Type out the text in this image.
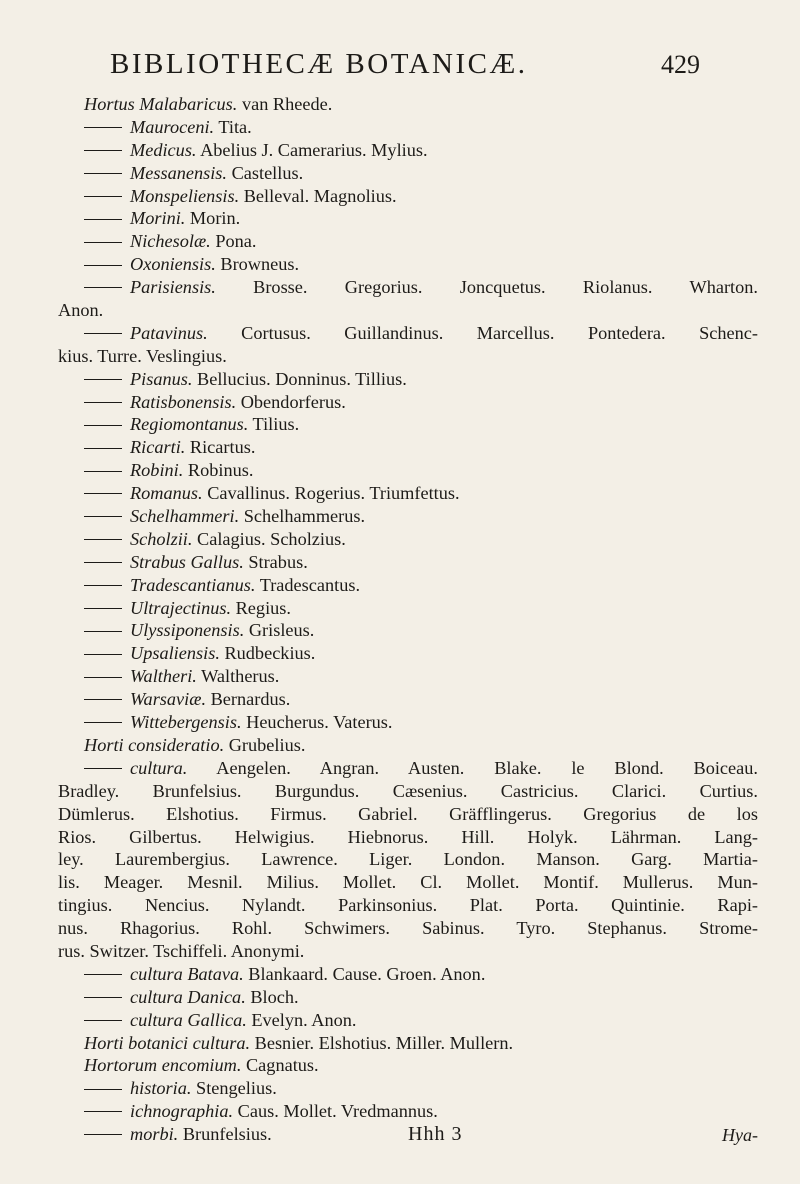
BIBLIOTHECÆ BOTANICÆ.	429
Hortus Malabaricus. van Rheede.
Mauroceni. Tita.
Medicus. Abelius J. Camerarius. Mylius.
Messanensis. Castellus.
Monspeliensis. Belleval. Magnolius.
Morini. Morin.
Nichesolæ. Pona.
Oxoniensis. Browneus.
Parisiensis. Brosse. Gregorius. Joncquetus. Riolanus. Wharton.
Anon.
Patavinus. Cortusus. Guillandinus. Marcellus. Pontedera. Schenc-
kius. Turre. Veslingius.
Pisanus. Bellucius. Donninus. Tillius.
Ratisbonensis. Obendorferus.
Regiomontanus. Tilius.
Ricarti. Ricartus.
Robini. Robinus.
Romanus. Cavallinus. Rogerius. Triumfettus.
Schelhammeri. Schelhammerus.
Scholzii. Calagius. Scholzius.
Strabus Gallus. Strabus.
Tradescantianus. Tradescantus.
Ultrajectinus. Regius.
Ulyssiponensis. Grisleus.
Upsaliensis. Rudbeckius.
Waltheri. Waltherus.
Warsaviæ. Bernardus.
Wittebergensis. Heucherus. Vaterus.
Horti consideratio. Grubelius.
cultura. Aengelen. Angran. Austen. Blake. le Blond. Boiceau.
Bradley. Brunfelsius. Burgundus. Cæsenius. Castricius. Clarici. Curtius.
Dümlerus. Elshotius. Firmus. Gabriel. Gräfflingerus. Gregorius de los
Rios. Gilbertus. Helwigius. Hiebnorus. Hill. Holyk. Lährman. Lang-
ley. Laurembergius. Lawrence. Liger. London. Manson. Garg. Martia-
lis. Meager. Mesnil. Milius. Mollet. Cl. Mollet. Montif. Mullerus. Mun-
tingius. Nencius. Nylandt. Parkinsonius. Plat. Porta. Quintinie. Rapi-
nus. Rhagorius. Rohl. Schwimers. Sabinus. Tyro. Stephanus. Strome-
rus. Switzer. Tschiffeli. Anonymi.
cultura Batava. Blankaard. Cause. Groen. Anon.
cultura Danica. Bloch.
cultura Gallica. Evelyn. Anon.
Horti botanici cultura. Besnier. Elshotius. Miller. Mullern.
Hortorum encomium. Cagnatus.
historia. Stengelius.
ichnographia. Caus. Mollet. Vredmannus.
morbi. Brunfelsius.	Hhh 3	Hya-
